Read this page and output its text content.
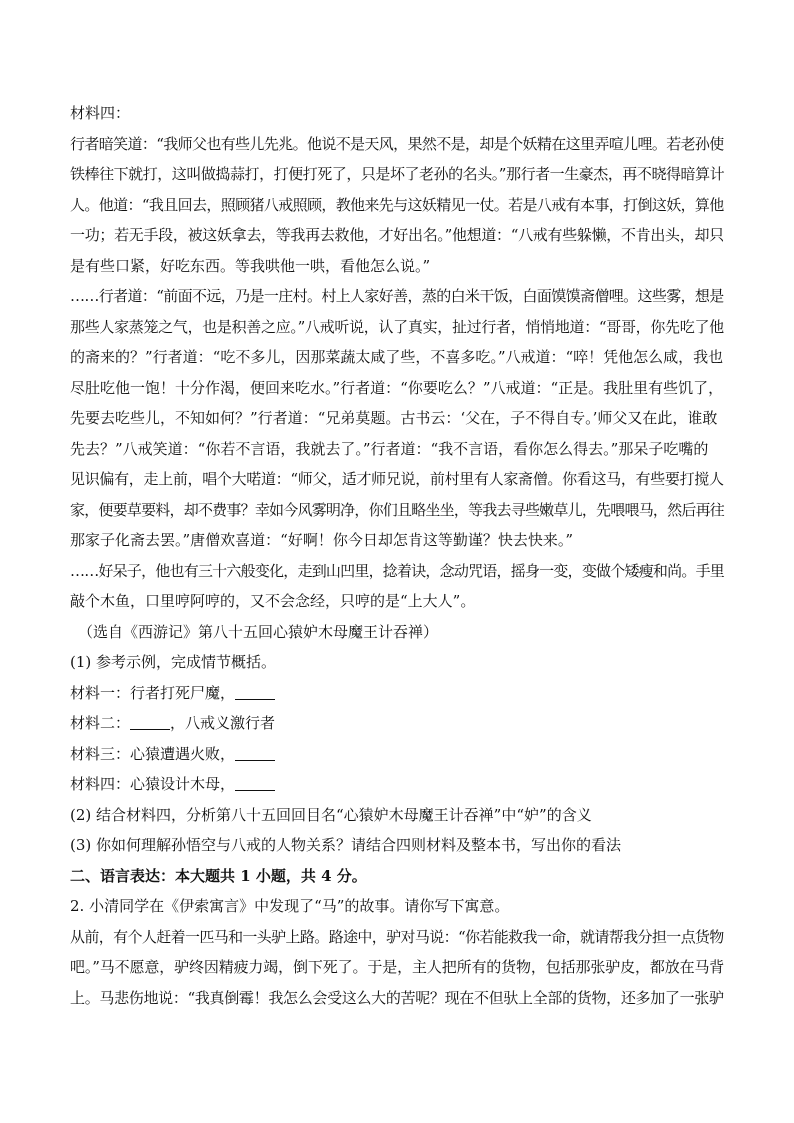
材料四：

行者暗笑道：“我师父也有些儿先兆。他说不是天风，果然不是，却是个妖精在这里弄喧儿哩。若老孙使
铁棒往下就打，这叫做捣蒜打，打便打死了，只是坏了老孙的名头。”那行者一生豪杰，再不晓得暗算计
人。他道：“我且回去，照顾猪八戒照顾，教他来先与这妖精见一仗。若是八戒有本事，打倒这妖，算他
一功；若无手段，被这妖拿去，等我再去救他，才好出名。”他想道：“八戒有些躲懒，不肯出头，却只
是有些口紧，好吃东西。等我哄他一哄，看他怎么说。”

……行者道：“前面不远，乃是一庄村。村上人家好善，蒸的白米干饭，白面馍馍斋僧哩。这些雾，想是
那些人家蒸笼之气，也是积善之应。”八戒听说，认了真实，扯过行者，悄悄地道：“哥哥，你先吃了他
的斋来的？”行者道：“吃不多儿，因那菜蔬太咸了些，不喜多吃。”八戒道：“啐！凭他怎么咸，我也
尽肚吃他一饱！十分作渴，便回来吃水。”行者道：“你要吃么？”八戒道：“正是。我肚里有些饥了，
先要去吃些儿，不知如何？”行者道：“兄弟莫题。古书云：‘父在，子不得自专。’师父又在此，谁敢
先去？”八戒笑道：“你若不言语，我就去了。”行者道：“我不言语，看你怎么得去。”那呆子吃嘴的
见识偏有，走上前，唱个大喏道：“师父，适才师兄说，前村里有人家斋僧。你看这马，有些要打搅人
家，便要草要料，却不费事？幸如今风雾明净，你们且略坐坐，等我去寻些嫩草儿，先喂喂马，然后再往
那家子化斋去罢。”唐僧欢喜道：“好啊！你今日却怎肯这等勤谨？快去快来。”

……好呆子，他也有三十六般变化，走到山凹里，捻着诀，念动咒语，摇身一变，变做个矮瘦和尚。手里
敲个木鱼，口里哼阿哼的，又不会念经，只哼的是“上大人”。

（选自《西游记》第八十五回心猿妒木母魔王计吞禅）

(1) 参考示例，完成情节概括。

材料一：行者打死尸魔，

材料二：	，八戒义激行者

材料三：心猿遭遇火败，

材料四：心猿设计木母，

(2) 结合材料四，分析第八十五回回目名“心猿妒木母魔王计吞禅”中“妒”的含义

(3) 你如何理解孙悟空与八戒的人物关系？请结合四则材料及整本书，写出你的看法

二、语言表达：本大题共 1 小题，共 4 分。

2. 小清同学在《伊索寓言》中发现了“马”的故事。请你写下寓意。

从前，有个人赶着一匹马和一头驴上路。路途中，驴对马说：“你若能救我一命，就请帮我分担一点货物
吧。”马不愿意，驴终因精疲力竭，倒下死了。于是，主人把所有的货物，包括那张驴皮，都放在马背
上。马悲伤地说：“我真倒霉！我怎么会受这么大的苦呢？现在不但驮上全部的货物，还多加了一张驴
